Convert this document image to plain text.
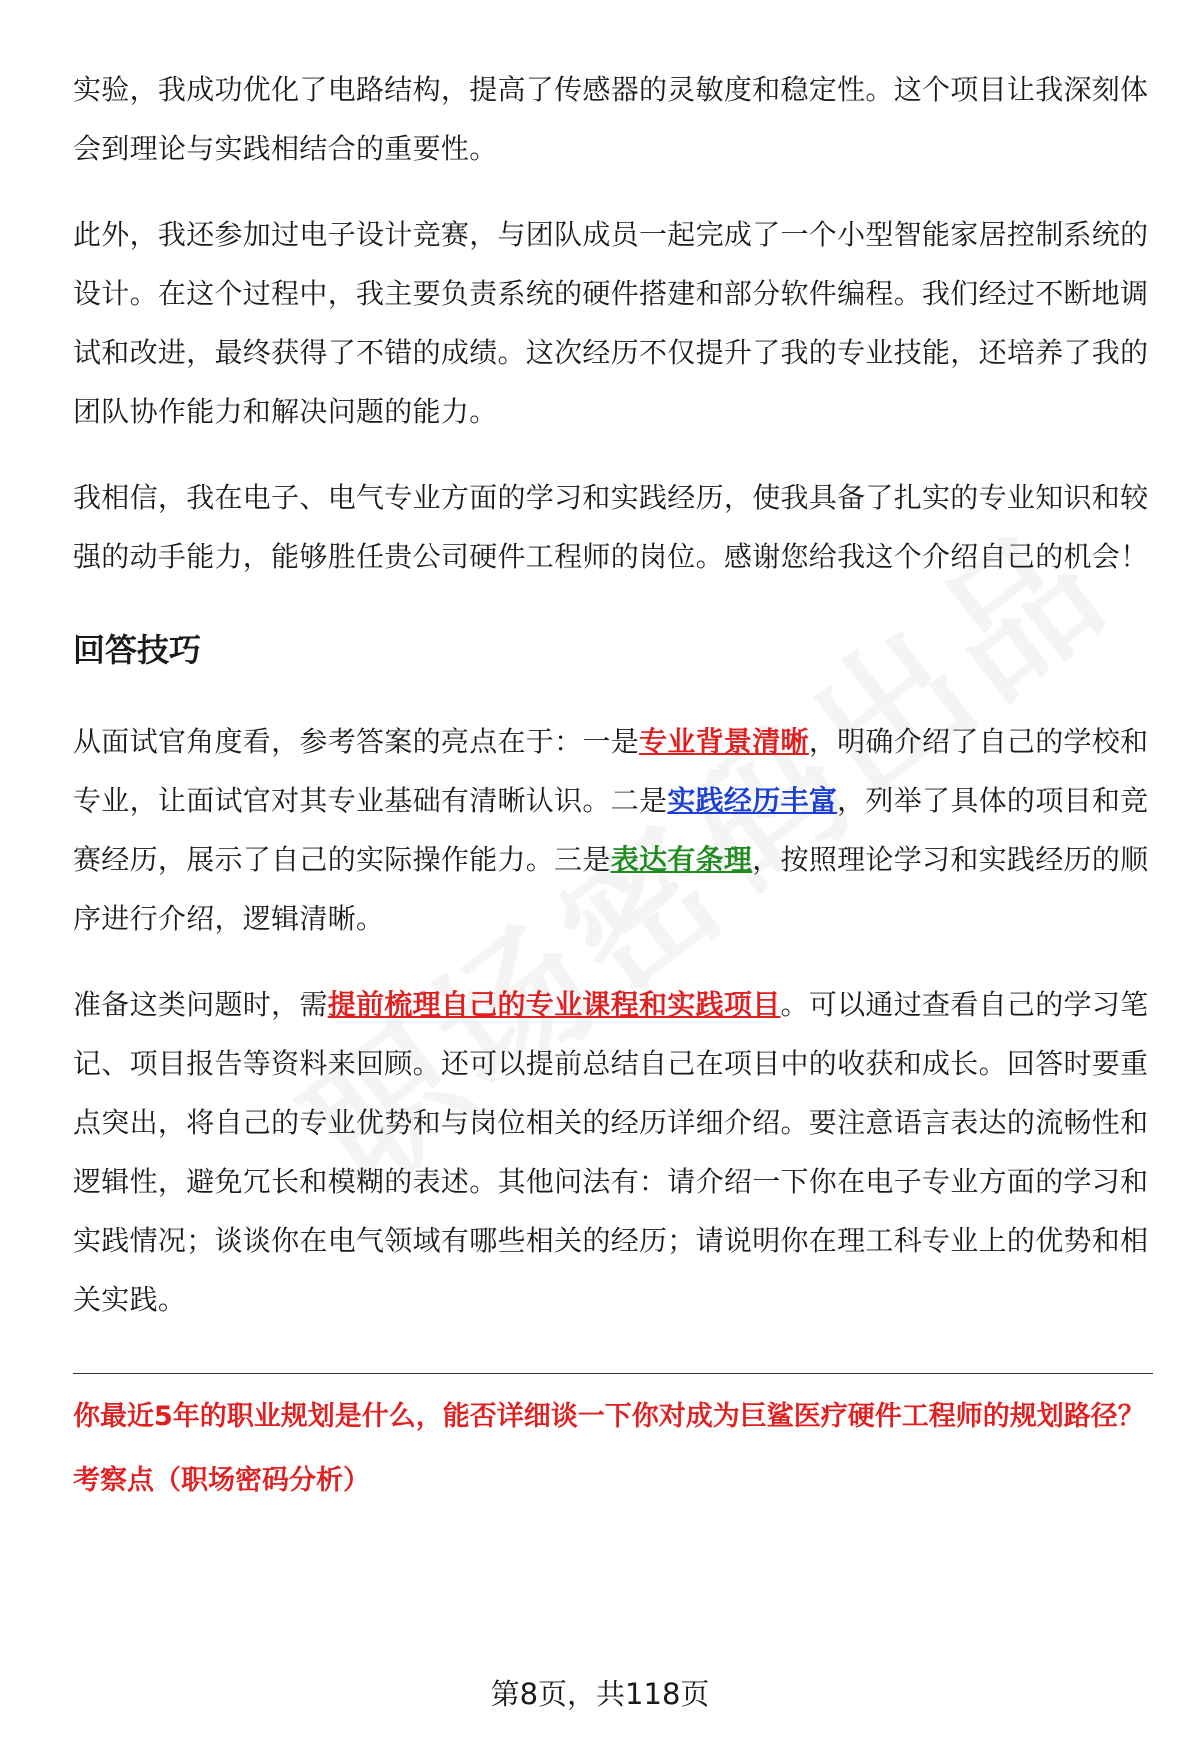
实验，我成功优化了电路结构，提高了传感器的灵敏度和稳定性。这个项目让我深刻体会到理论与实践相结合的重要性。

此外，我还参加过电子设计竞赛，与团队成员一起完成了一个小型智能家居控制系统的设计。在这个过程中，我主要负责系统的硬件搭建和部分软件编程。我们经过不断地调试和改进，最终获得了不错的成绩。这次经历不仅提升了我的专业技能，还培养了我的团队协作能力和解决问题的能力。

我相信，我在电子、电气专业方面的学习和实践经历，使我具备了扎实的专业知识和较强的动手能力，能够胜任贵公司硬件工程师的岗位。感谢您给我这个介绍自己的机会！

回答技巧

从面试官角度看，参考答案的亮点在于：一是专业背景清晰，明确介绍了自己的学校和专业，让面试官对其专业基础有清晰认识。二是实践经历丰富，列举了具体的项目和竞赛经历，展示了自己的实际操作能力。三是表达有条理，按照理论学习和实践经历的顺序进行介绍，逻辑清晰。

准备这类问题时，需提前梳理自己的专业课程和实践项目。可以通过查看自己的学习笔记、项目报告等资料来回顾。还可以提前总结自己在项目中的收获和成长。回答时要重点突出，将自己的专业优势和与岗位相关的经历详细介绍。要注意语言表达的流畅性和逻辑性，避免冗长和模糊的表述。其他问法有：请介绍一下你在电子专业方面的学习和实践情况；谈谈你在电气领域有哪些相关的经历；请说明你在理工科专业上的优势和相关实践。

你最近5年的职业规划是什么，能否详细谈一下你对成为巨鲨医疗硬件工程师的规划路径？

考察点（职场密码分析）

第8页，共118页
